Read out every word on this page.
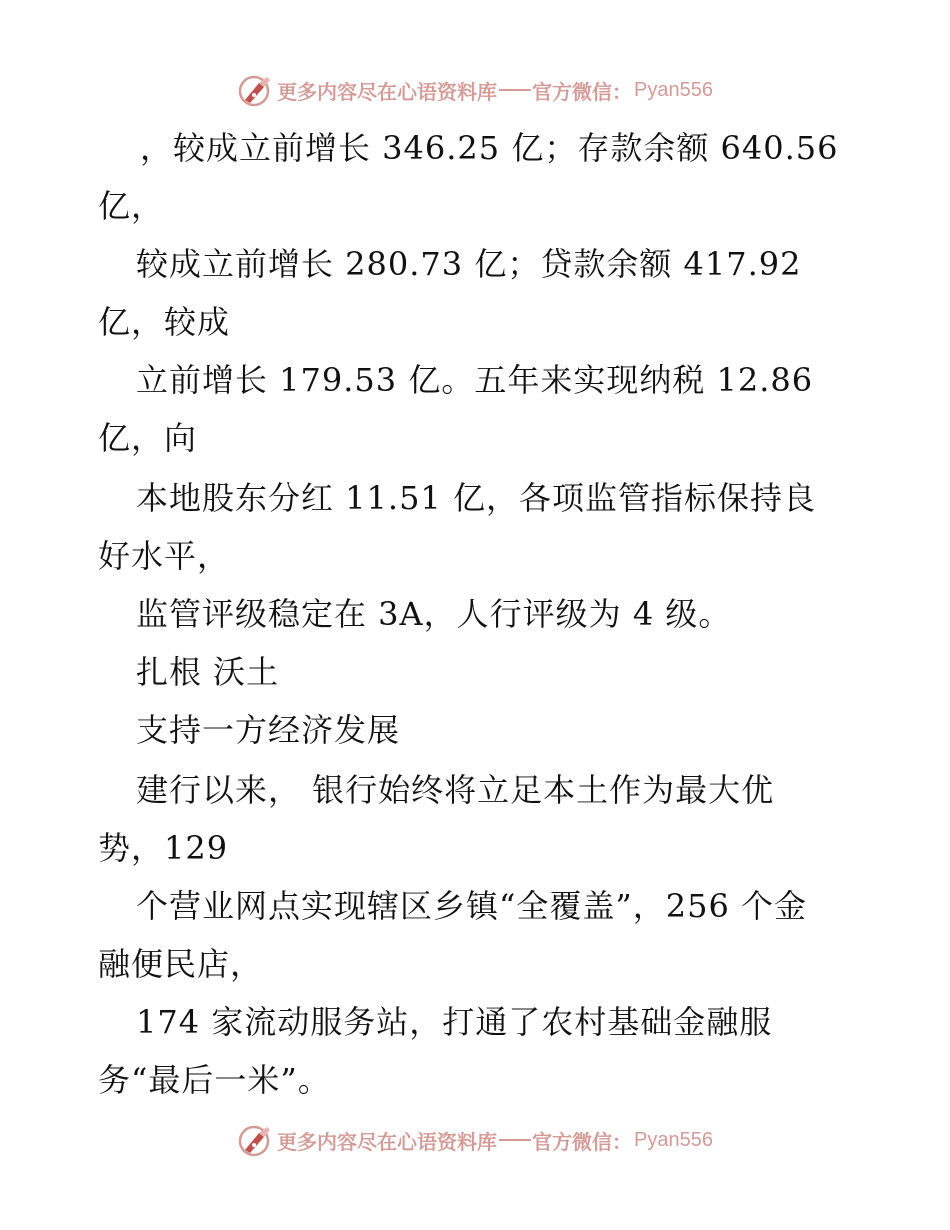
更多内容尽在心语资料库 官方微信： Pyan556
，较成立前增长 346.25 亿；存款余额 640.56
亿，
较成立前增长 280.73 亿；贷款余额 417.92
亿，较成
立前增长 179.53 亿。五年来实现纳税 12.86
亿，向
本地股东分红 11.51 亿，各项监管指标保持良
好水平，
监管评级稳定在 3A，人行评级为 4 级。
扎根 沃土
支持一方经济发展
建行以来， 银行始终将立足本土作为最大优
势，129
个营业网点实现辖区乡镇“全覆盖”，256 个金
融便民店，
174 家流动服务站，打通了农村基础金融服
务“最后一米”。
更多内容尽在心语资料库 官方微信： Pyan556
